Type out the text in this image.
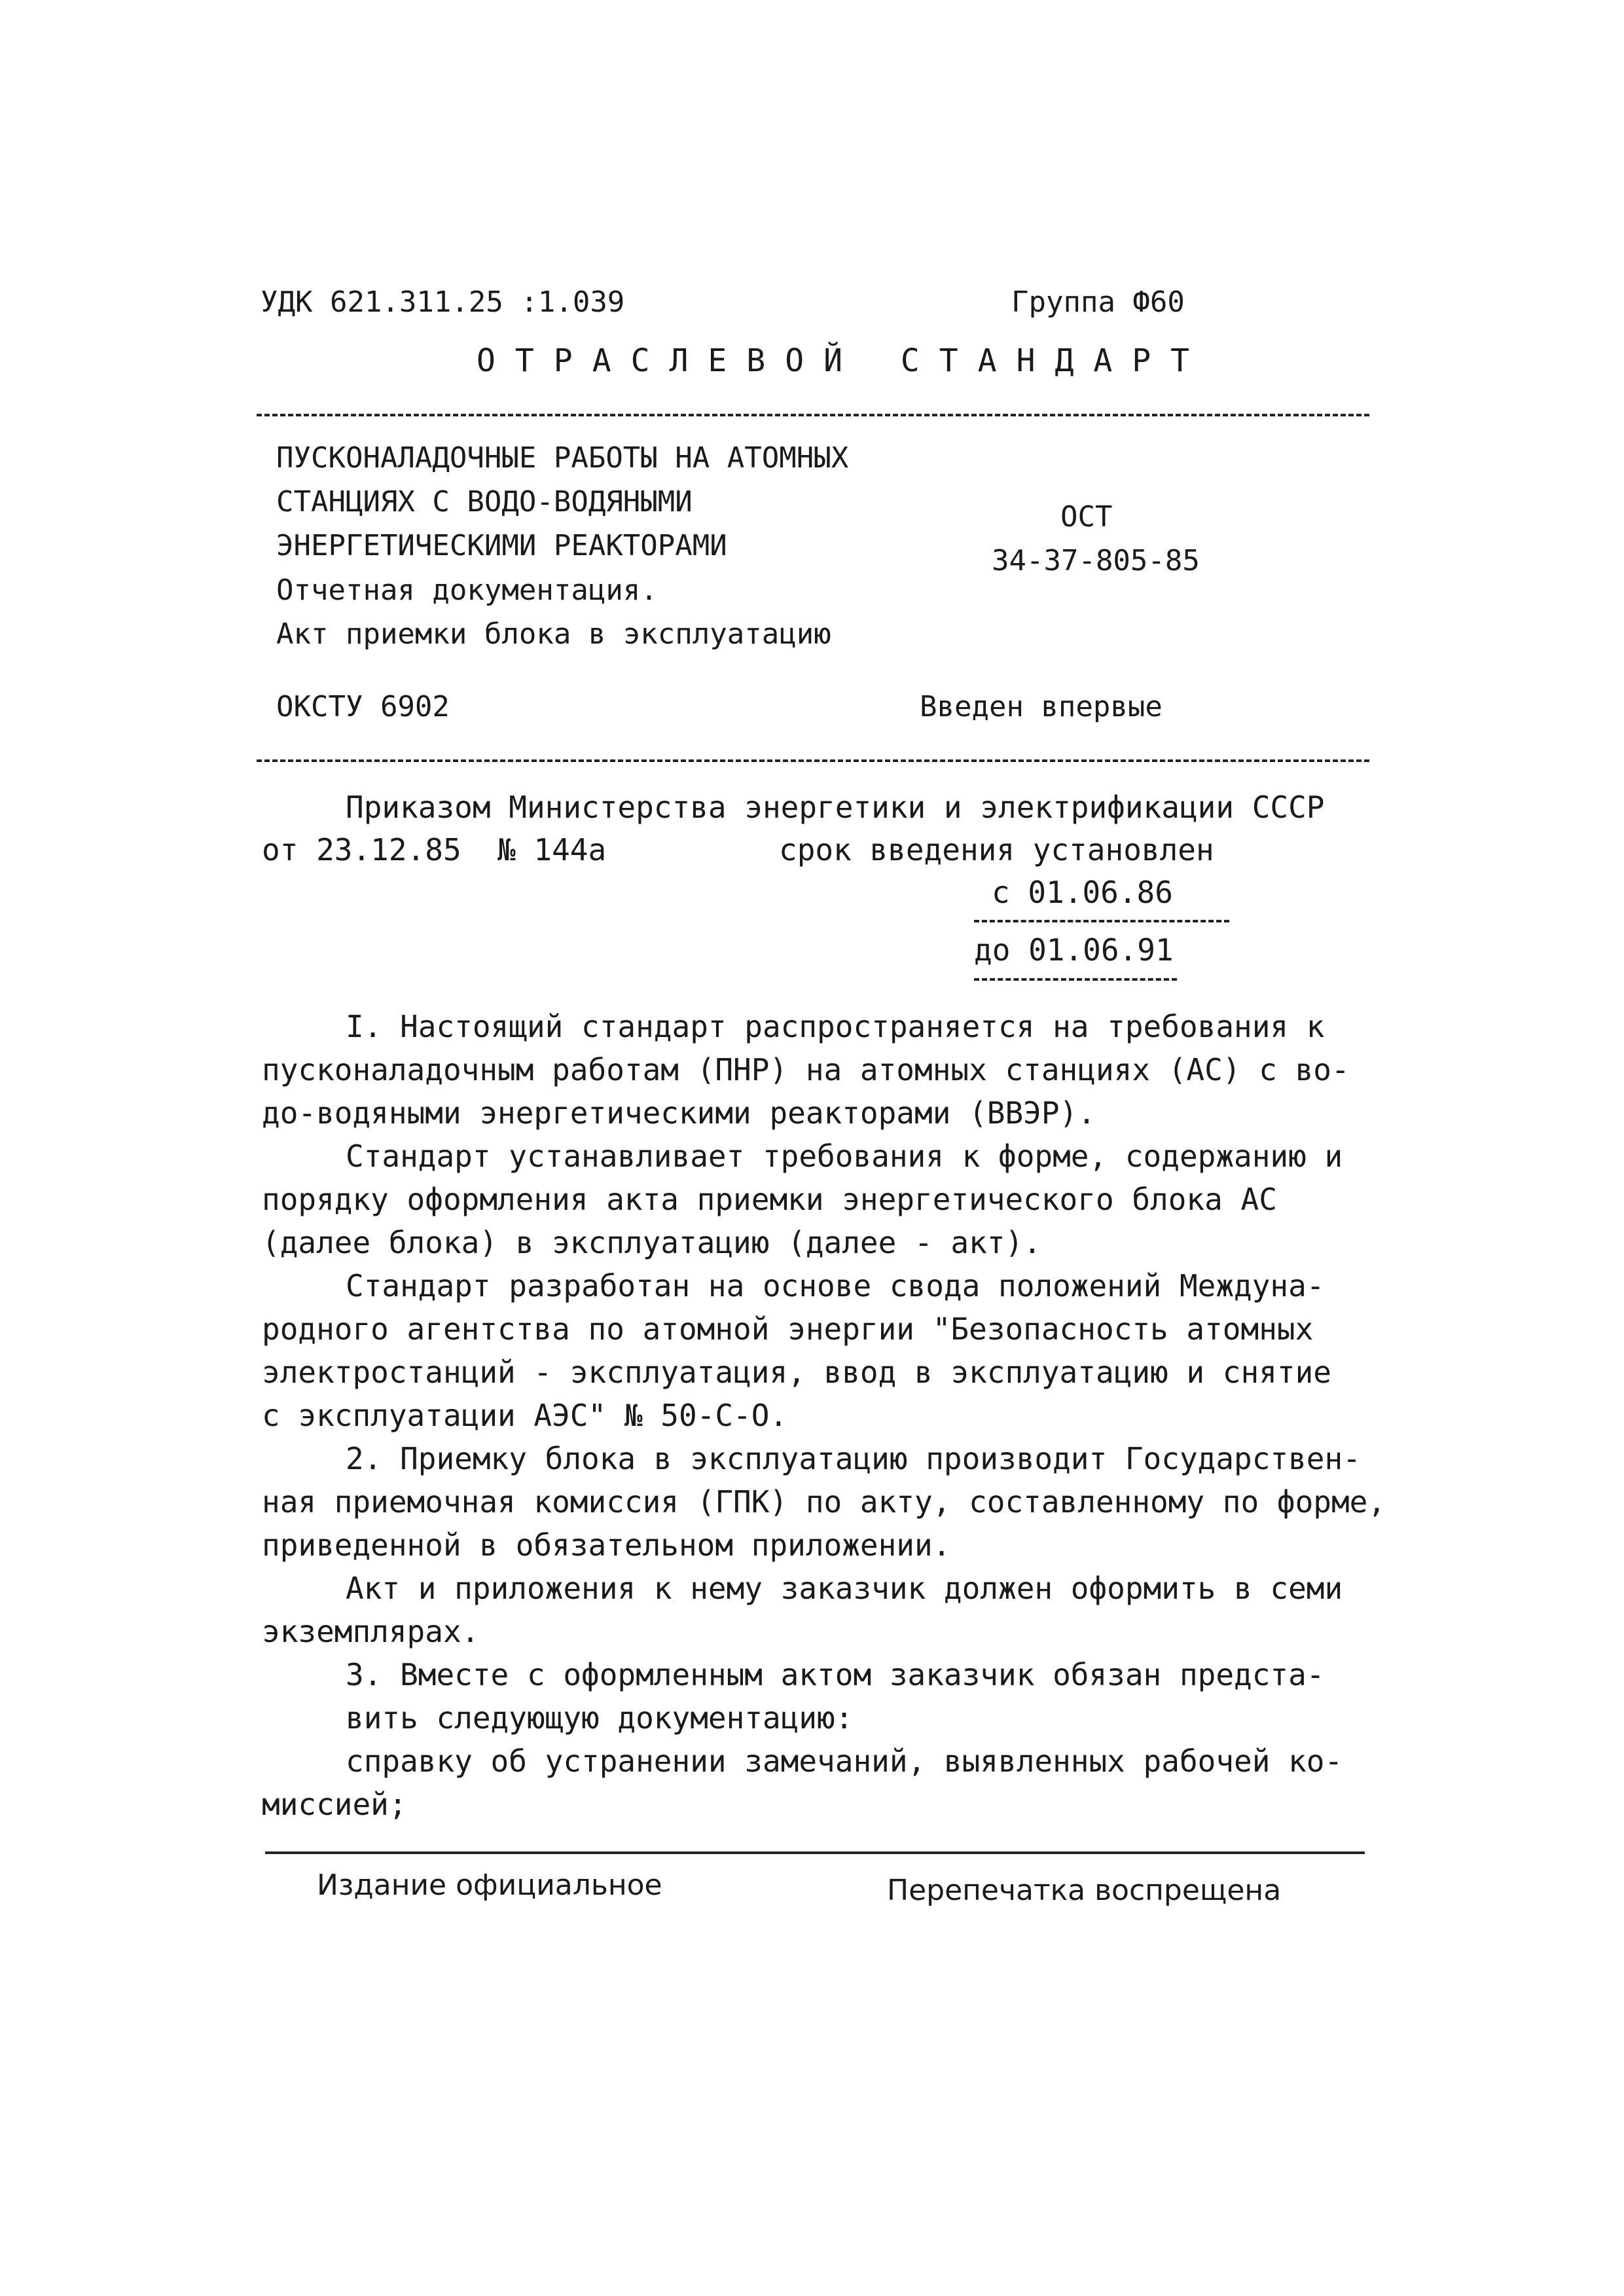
УДК 621.311.25 :1.039	Группа Ф60
ОТРАСЛЕВОЙ СТАНДАРТ
ПУСКОНАЛАДОЧНЫЕ РАБОТЫ НА АТОМНЫХ
СТАНЦИЯХ С ВОДО-ВОДЯНЫМИ
ЭНЕРГЕТИЧЕСКИМИ РЕАКТОРАМИ
Отчетная документация.
Акт приемки блока в эксплуатацию
ОСТ
34-37-805-85
ОКСТУ 6902	Введен впервые
Приказом Министерства энергетики и электрификации СССР
от 23.12.85  № 144а	срок введения установлен
с 01.06.86
до 01.06.91
I. Настоящий стандарт распространяется на требования к
пусконаладочным работам (ПНР) на атомных станциях (АС) с во-
до-водяными энергетическими реакторами (ВВЭР).
Стандарт устанавливает требования к форме, содержанию и
порядку оформления акта приемки энергетического блока АС
(далее блока) в эксплуатацию (далее - акт).
Стандарт разработан на основе свода положений Междуна-
родного агентства по атомной энергии "Безопасность атомных
электростанций - эксплуатация, ввод в эксплуатацию и снятие
с эксплуатации АЭС" № 50-С-О.
2. Приемку блока в эксплуатацию производит Государствен-
ная приемочная комиссия (ГПК) по акту, составленному по форме,
приведенной в обязательном приложении.
Акт и приложения к нему заказчик должен оформить в семи
экземплярах.
3. Вместе с оформленным актом заказчик обязан предста-
вить следующую документацию:
справку об устранении замечаний, выявленных рабочей ко-
миссией;
Издание официальное	Перепечатка воспрещена
